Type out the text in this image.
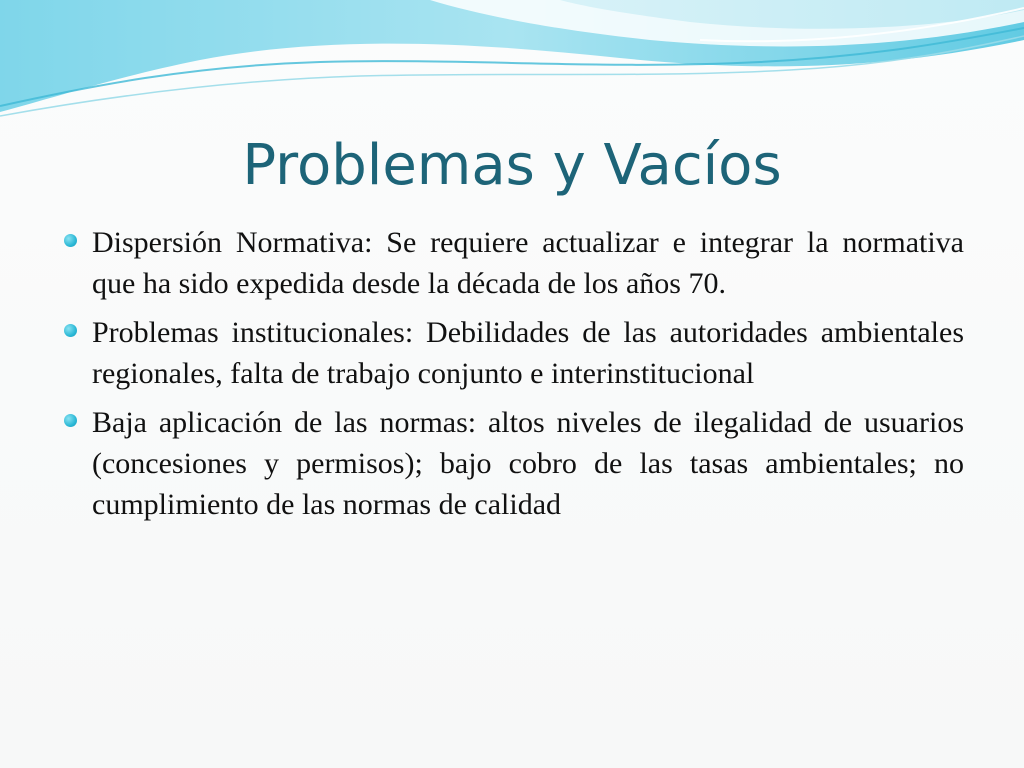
Problemas y Vacíos
Dispersión Normativa: Se requiere actualizar e integrar la normativa que ha sido expedida desde la década de los años 70.
Problemas institucionales: Debilidades de las autoridades ambientales regionales, falta de trabajo conjunto e interinstitucional
Baja aplicación de las normas: altos niveles de ilegalidad de usuarios (concesiones y permisos); bajo cobro de las tasas ambientales; no cumplimiento de las normas de calidad
